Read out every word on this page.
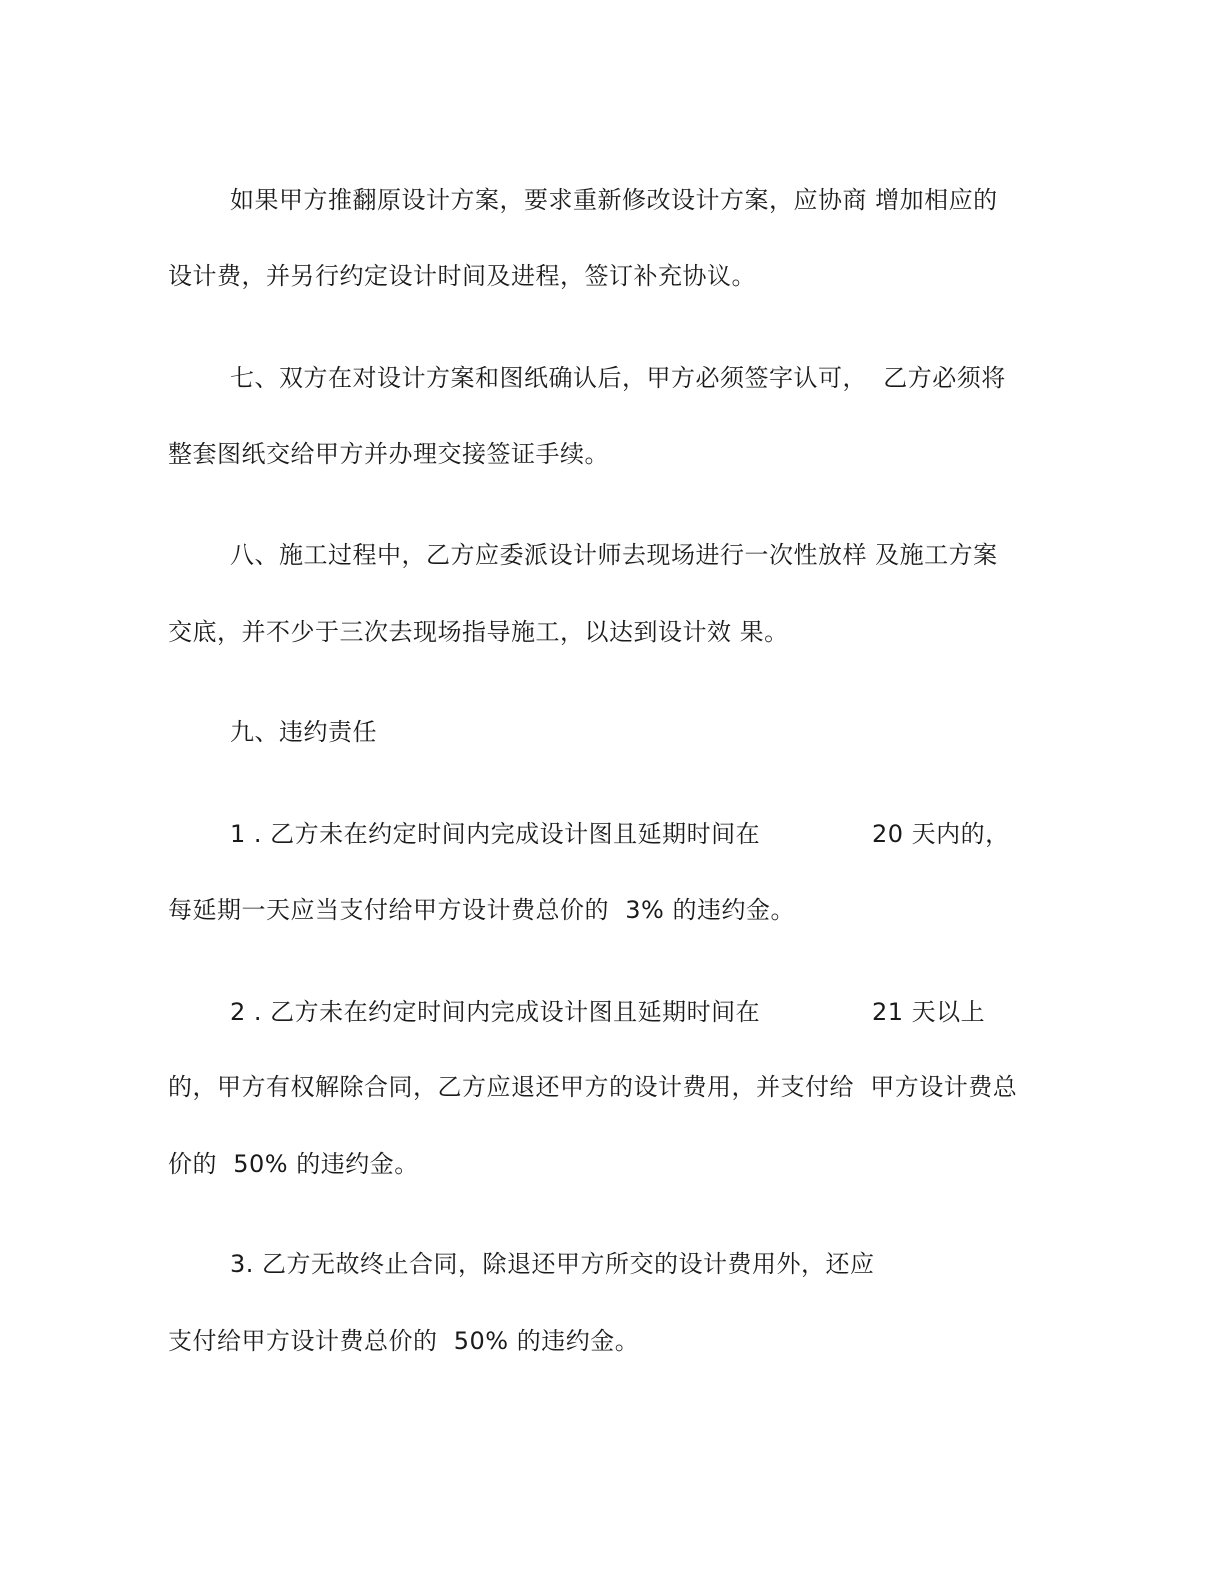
如果甲方推翻原设计方案，要求重新修改设计方案，应协商 增加相应的
设计费，并另行约定设计时间及进程，签订补充协议。
七、双方在对设计方案和图纸确认后，甲方必须签字认可，  乙方必须将
整套图纸交给甲方并办理交接签证手续。
八、施工过程中，乙方应委派设计师去现场进行一次性放样 及施工方案
交底，并不少于三次去现场指导施工，以达到设计效 果。
九、违约责任
1 . 乙方未在约定时间内完成设计图且延期时间在	20 天内的，
每延期一天应当支付给甲方设计费总价的  3% 的违约金。
2 . 乙方未在约定时间内完成设计图且延期时间在	21 天以上
的，甲方有权解除合同，乙方应退还甲方的设计费用，并支付给  甲方设计费总
价的  50% 的违约金。
3. 乙方无故终止合同，除退还甲方所交的设计费用外，还应
支付给甲方设计费总价的  50% 的违约金。
